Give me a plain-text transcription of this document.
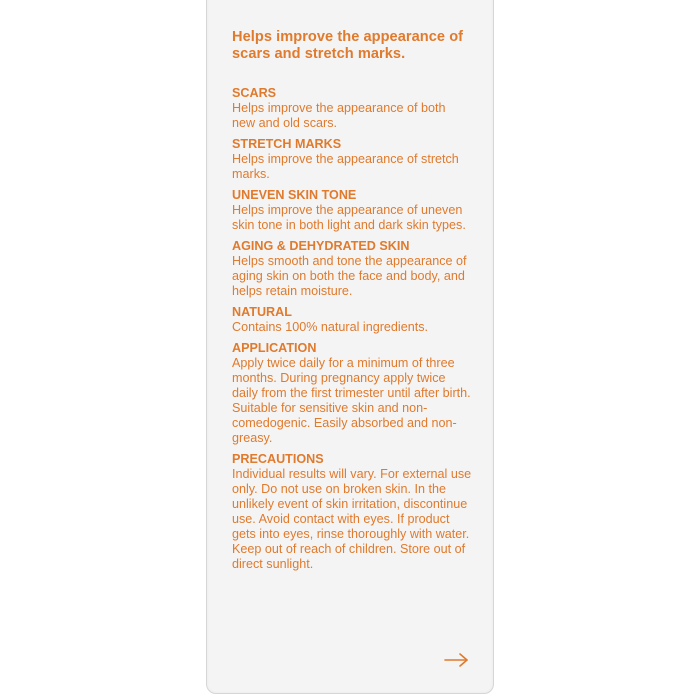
Helps improve the appearance of scars and stretch marks.

SCARS

Helps improve the appearance of both new and old scars.

STRETCH MARKS

Helps improve the appearance of stretch marks.

UNEVEN SKIN TONE

Helps improve the appearance of uneven skin tone in both light and dark skin types.

AGING & DEHYDRATED SKIN

Helps smooth and tone the appearance of aging skin on both the face and body, and helps retain moisture.

NATURAL

Contains 100% natural ingredients.

APPLICATION

Apply twice daily for a minimum of three months. During pregnancy apply twice daily from the first trimester until after birth. Suitable for sensitive skin and non-comedogenic. Easily absorbed and non-greasy.

PRECAUTIONS

Individual results will vary. For external use only. Do not use on broken skin. In the unlikely event of skin irritation, discontinue use. Avoid contact with eyes. If product gets into eyes, rinse thoroughly with water. Keep out of reach of children. Store out of direct sunlight.
